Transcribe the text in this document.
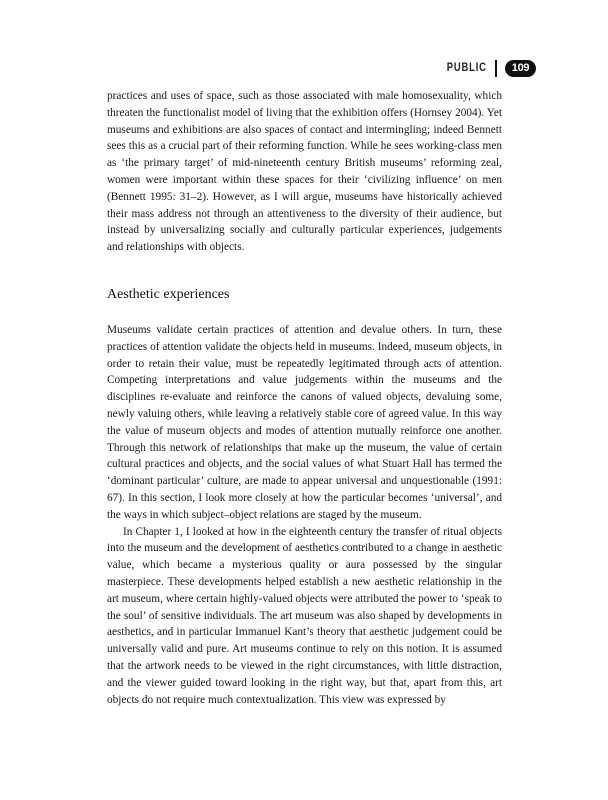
PUBLIC	109

practices and uses of space, such as those associated with male homosexuality, which threaten the functionalist model of living that the exhibition offers (Hornsey 2004). Yet museums and exhibitions are also spaces of contact and intermingling; indeed Bennett sees this as a crucial part of their reforming function. While he sees working-class men as ‘the primary target’ of mid-nineteenth century British museums’ reforming zeal, women were important within these spaces for their ‘civilizing influence’ on men (Bennett 1995: 31–2). However, as I will argue, museums have historically achieved their mass address not through an attentiveness to the diversity of their audience, but instead by universalizing socially and culturally particular experiences, judgements and relationships with objects.

Aesthetic experiences

Museums validate certain practices of attention and devalue others. In turn, these practices of attention validate the objects held in museums. Indeed, museum objects, in order to retain their value, must be repeatedly legitimated through acts of attention. Competing interpretations and value judgements within the museums and the disciplines re-evaluate and reinforce the canons of valued objects, devaluing some, newly valuing others, while leaving a relatively stable core of agreed value. In this way the value of museum objects and modes of attention mutually reinforce one another. Through this network of relationships that make up the museum, the value of certain cultural practices and objects, and the social values of what Stuart Hall has termed the ‘dominant particular’ culture, are made to appear universal and unquestionable (1991: 67). In this section, I look more closely at how the particular becomes ‘universal’, and the ways in which subject–object relations are staged by the museum.

In Chapter 1, I looked at how in the eighteenth century the transfer of ritual objects into the museum and the development of aesthetics contributed to a change in aesthetic value, which became a mysterious quality or aura possessed by the singular masterpiece. These developments helped establish a new aesthetic relationship in the art museum, where certain highly-valued objects were attributed the power to ‘speak to the soul’ of sensitive individuals. The art museum was also shaped by developments in aesthetics, and in particular Immanuel Kant’s theory that aesthetic judgement could be universally valid and pure. Art museums continue to rely on this notion. It is assumed that the artwork needs to be viewed in the right circumstances, with little distraction, and the viewer guided toward looking in the right way, but that, apart from this, art objects do not require much contextualization. This view was expressed by
